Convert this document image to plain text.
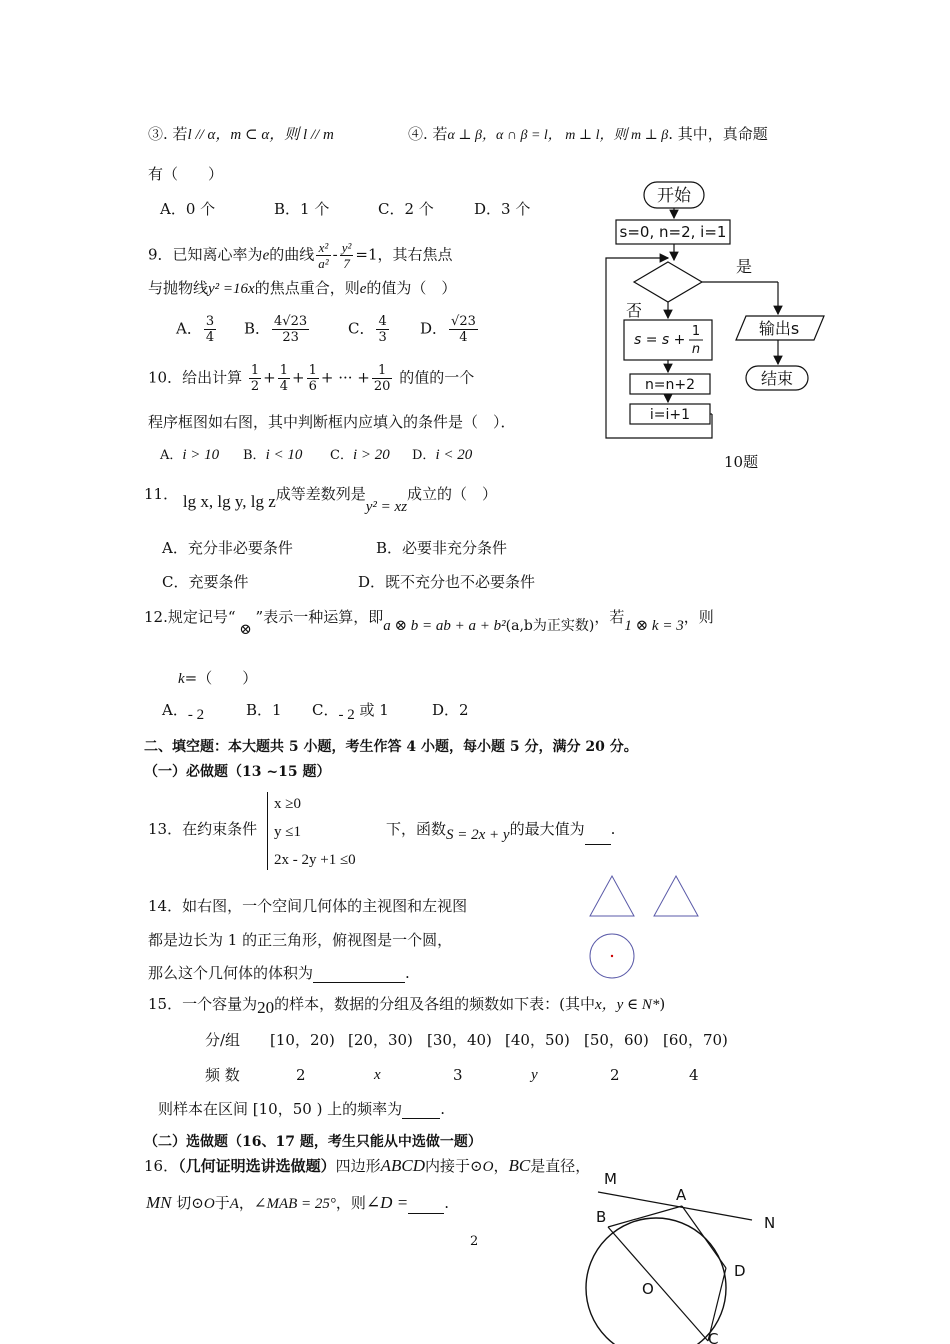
③. 若l // α，m ⊂ α，则 l // m	④. 若α ⊥ β，α ∩ β = l， m ⊥ l，则 m ⊥ β. 其中，真命题
有（　　）
A．0 个	B．1 个	C．2 个	D．3 个
9．已知离心率为e的曲线 $\frac{\text{x²}}{\text{a²}} - \frac{\text{y²}}{7} =1$，其右焦点
与抛物线y² =16x的焦点重合，则e的值为（　）
A． $\frac{3}{4}$ B． $\frac{4√23}{23}$	C． $\frac{4}{3}$ D． $\frac{√23}{4}$
10．给出计算 $\frac{1}{2} + \frac{1}{4} + \frac{1}{6}$ + ··· + $\frac{1}{20}$ 的值的一个
程序框图如右图，其中判断框内应填入的条件是（　）．
A．i > 10 B．i < 10 C．i > 20 D．i < 20
开始
s=0, n=2, i=1
是
否
s = s +
1
n
n=n+2
i=i+1
输出s
结束
10题
11． lg x, lg y, lg z成等差数列是y² = xz成立的（　）
A．充分非必要条件	B．必要非充分条件
C．充要条件	D．既不充分也不必要条件
12.规定记号“⊗”表示一种运算，即a ⊗ b = ab + a + b²(a,b为正实数)，若1 ⊗ k = 3，则
k=（　　）
A．- 2	B．1 C．- 2 或 1	D．2
二、填空题：本大题共 5 小题，考生作答 4 小题，每小题 5 分，满分 20 分。
（一）必做题（13 ~15 题）
13．在约束条件
x ≥0
y ≤1
2x - 2y +1 ≤0
下，函数S = 2x + y的最大值为 .
14．如右图，一个空间几何体的主视图和左视图
都是边长为 1 的正三角形，俯视图是一个圆，
那么这个几何体的体积为	.
15．一个容量为20的样本，数据的分组及各组的频数如下表：(其中x，y ∈ N*)
分/组 [10，20) [20，30) [30，40) [40，50) [50，60) [60，70)
频 数	2	x	3	y	2	4
则样本在区间 [10，50 ) 上的频率为	.
（二）选做题（16、17 题，考生只能从中选做一题）
16．（几何证明选讲选做题）四边形ABCD内接于⊙O，BC是直径，
MN 切⊙O于A，∠MAB = 25°，则∠D = .
M
A
N
B
D
O
C
2
